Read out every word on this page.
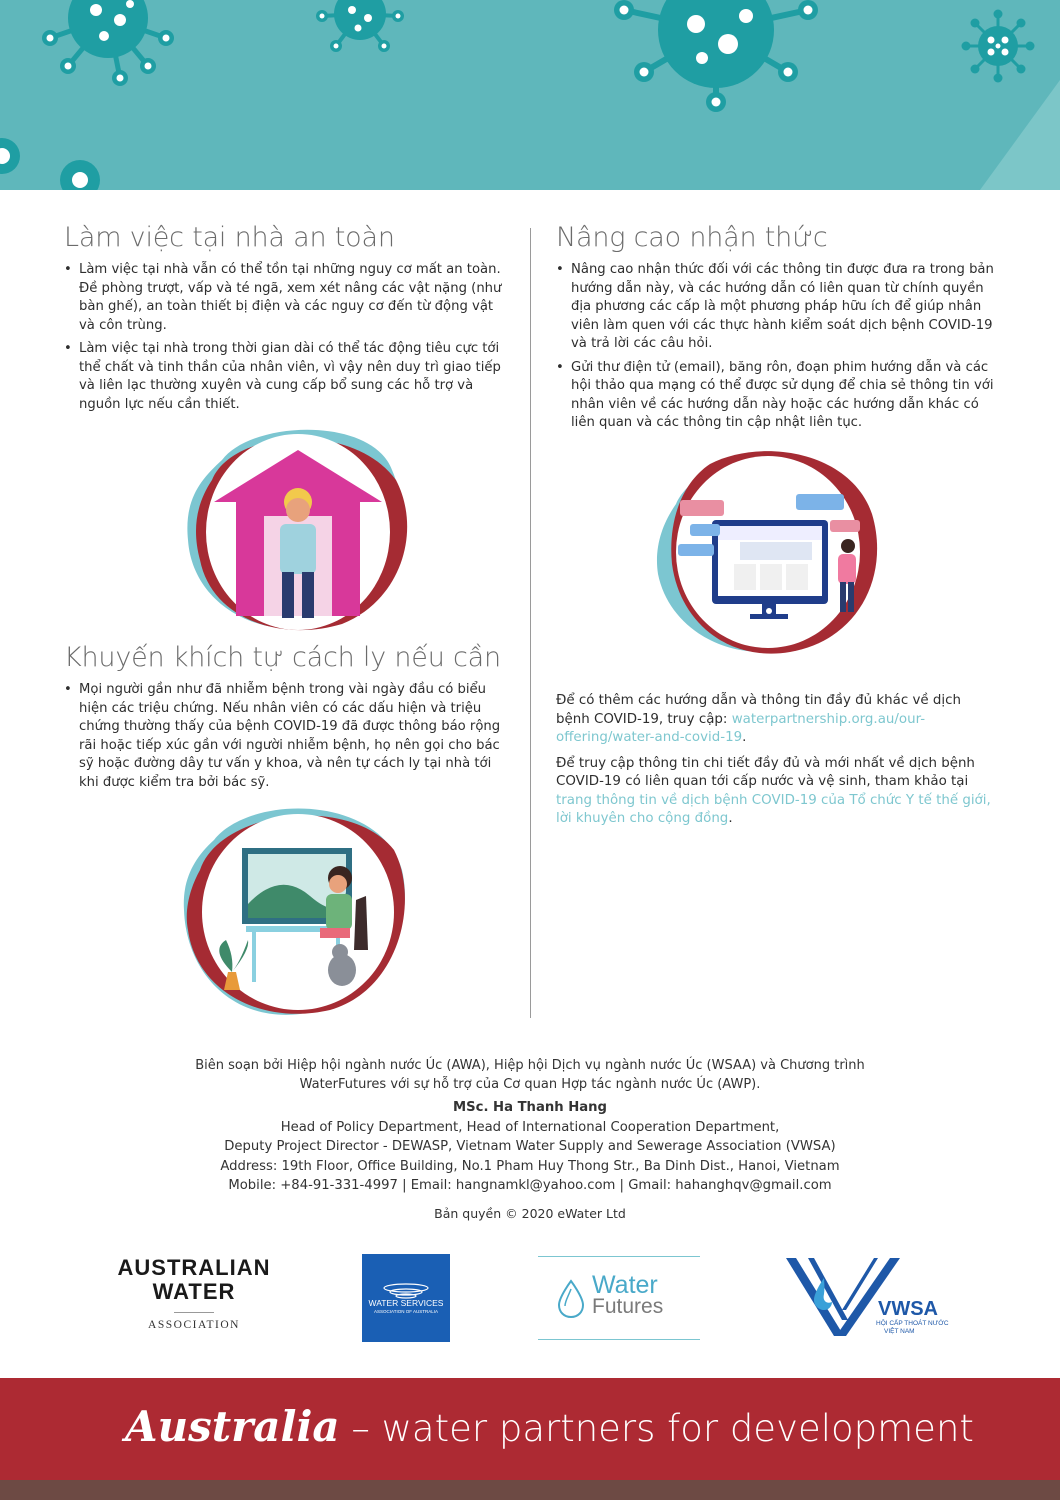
Làm việc tại nhà an toàn
• Làm việc tại nhà vẫn có thể tồn tại những nguy cơ mất an toàn. Đề phòng trượt, vấp và té ngã, xem xét nâng các vật nặng (như bàn ghế), an toàn thiết bị điện và các nguy cơ đến từ động vật và côn trùng.
• Làm việc tại nhà trong thời gian dài có thể tác động tiêu cực tới thể chất và tinh thần của nhân viên, vì vậy nên duy trì giao tiếp và liên lạc thường xuyên và cung cấp bổ sung các hỗ trợ và nguồn lực nếu cần thiết.
Khuyến khích tự cách ly nếu cần
• Mọi người gần như đã nhiễm bệnh trong vài ngày đầu có biểu hiện các triệu chứng. Nếu nhân viên có các dấu hiện và triệu chứng thường thấy của bệnh COVID-19 đã được thông báo rộng rãi hoặc tiếp xúc gần với người nhiễm bệnh, họ nên gọi cho bác sỹ hoặc đường dây tư vấn y khoa, và nên tự cách ly tại nhà tới khi được kiểm tra bởi bác sỹ.
Nâng cao nhận thức
• Nâng cao nhận thức đối với các thông tin được đưa ra trong bản hướng dẫn này, và các hướng dẫn có liên quan từ chính quyền địa phương các cấp là một phương pháp hữu ích để giúp nhân viên làm quen với các thực hành kiểm soát dịch bệnh COVID-19 và trả lời các câu hỏi.
• Gửi thư điện tử (email), băng rôn, đoạn phim hướng dẫn và các hội thảo qua mạng có thể được sử dụng để chia sẻ thông tin với nhân viên về các hướng dẫn này hoặc các hướng dẫn khác có liên quan và các thông tin cập nhật liên tục.

Để có thêm các hướng dẫn và thông tin đầy đủ khác về dịch bệnh COVID-19, truy cập: waterpartnership.org.au/our-offering/water-and-covid-19.

Để truy cập thông tin chi tiết đầy đủ và mới nhất về dịch bệnh COVID-19 có liên quan tới cấp nước và vệ sinh, tham khảo tại trang thông tin về dịch bệnh COVID-19 của Tổ chức Y tế thế giới, lời khuyên cho cộng đồng.

Biên soạn bởi Hiệp hội ngành nước Úc (AWA), Hiệp hội Dịch vụ ngành nước Úc (WSAA) và Chương trình
WaterFutures với sự hỗ trợ của Cơ quan Hợp tác ngành nước Úc (AWP).
MSc. Ha Thanh Hang
Head of Policy Department, Head of International Cooperation Department,
Deputy Project Director - DEWASP, Vietnam Water Supply and Sewerage Association (VWSA)
Address: 19th Floor, Office Building, No.1 Pham Huy Thong Str., Ba Dinh Dist., Hanoi, Vietnam
Mobile: +84-91-331-4997 | Email: hangnamkl@yahoo.com | Gmail: hahanghqv@gmail.com
Bản quyền © 2020 eWater Ltd
AUSTRALIAN
WATER
ASSOCIATION
WATER SERVICES
ASSOCIATION OF AUSTRALIA
Water
Futures	VWSA
HỘI CẤP THOÁT NƯỚC
VIỆT NAM
Australia – water partners for development
